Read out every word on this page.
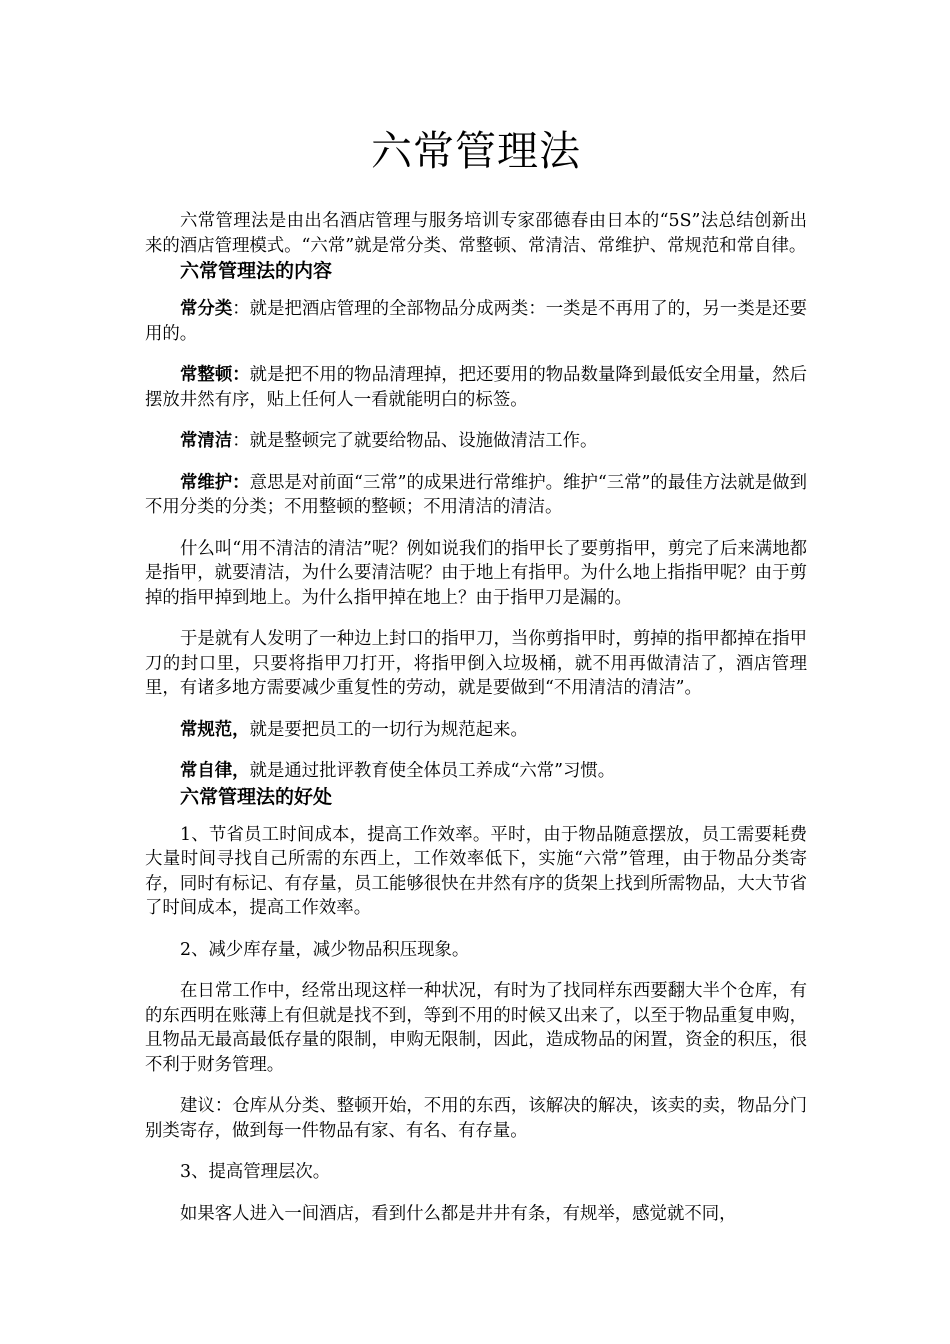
六常管理法

六常管理法是由出名酒店管理与服务培训专家邵德春由日本的“5S”法总结创新出来的酒店管理模式。“六常”就是常分类、常整顿、常清洁、常维护、常规范和常自律。

六常管理法的内容

常分类：就是把酒店管理的全部物品分成两类：一类是不再用了的，另一类是还要用的。

常整顿：就是把不用的物品清理掉，把还要用的物品数量降到最低安全用量，然后摆放井然有序，贴上任何人一看就能明白的标签。

常清洁：就是整顿完了就要给物品、设施做清洁工作。

常维护：意思是对前面“三常”的成果进行常维护。维护“三常”的最佳方法就是做到不用分类的分类；不用整顿的整顿；不用清洁的清洁。

什么叫“用不清洁的清洁”呢？例如说我们的指甲长了要剪指甲，剪完了后来满地都是指甲，就要清洁，为什么要清洁呢？由于地上有指甲。为什么地上指指甲呢？由于剪掉的指甲掉到地上。为什么指甲掉在地上？由于指甲刀是漏的。

于是就有人发明了一种边上封口的指甲刀，当你剪指甲时，剪掉的指甲都掉在指甲刀的封口里，只要将指甲刀打开，将指甲倒入垃圾桶，就不用再做清洁了，酒店管理里，有诸多地方需要减少重复性的劳动，就是要做到“不用清洁的清洁”。

常规范，就是要把员工的一切行为规范起来。

常自律，就是通过批评教育使全体员工养成“六常”习惯。

六常管理法的好处

1、节省员工时间成本，提高工作效率。平时，由于物品随意摆放，员工需要耗费大量时间寻找自己所需的东西上，工作效率低下，实施“六常”管理，由于物品分类寄存，同时有标记、有存量，员工能够很快在井然有序的货架上找到所需物品，大大节省了时间成本，提高工作效率。

2、减少库存量，减少物品积压现象。

在日常工作中，经常出现这样一种状况，有时为了找同样东西要翻大半个仓库，有的东西明在账薄上有但就是找不到，等到不用的时候又出来了，以至于物品重复申购，且物品无最高最低存量的限制，申购无限制，因此，造成物品的闲置，资金的积压，很不利于财务管理。

建议：仓库从分类、整顿开始，不用的东西，该解决的解决，该卖的卖，物品分门别类寄存，做到每一件物品有家、有名、有存量。

3、提高管理层次。

如果客人进入一间酒店，看到什么都是井井有条，有规举，感觉就不同，
